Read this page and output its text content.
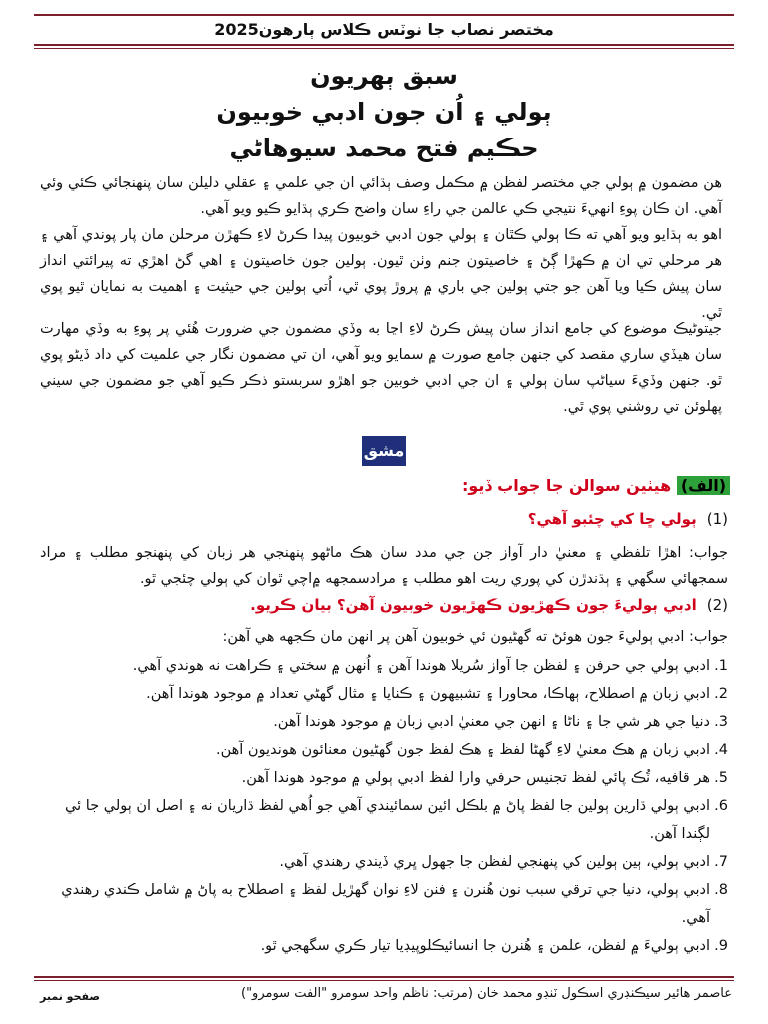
مختصر نصاب جا نوٽس ڪلاس ٻارهون2025
سبق ٻهريون
ٻولي ۽ اُن جون ادبي خوبيون
حڪيم فتح محمد سيوهاڻي
هن مضمون ۾ ٻولي جي مختصر لفظن ۾ مڪمل وصف ٻڌائي ان جي علمي ۽ عقلي دليلن سان پنهنجائي ڪئي وئي آهي. ان ڪان پوءِ انهيءَ نتيجي ڪي عالمن جي راءِ سان واضح ڪري ٻڌايو ڪيو ويو آهي.
اهو به ٻڌايو ويو آهي ته ڪا ٻولي ڪٿان ۽ ٻولي جون ادبي خوبيون پيدا ڪرڻ لاءِ ڪهڙن مرحلن مان پار پوندي آهي ۽ هر مرحلي تي ان ۾ ڪهڙا ڳڻ ۽ خاصيتون جنم وٺن ٿيون. ٻولين جون خاصيتون ۽ اهي گڻ اهڙي ته پيرائتي انداز سان پيش ڪيا ويا آهن جو جتي ٻولين جي باري ۾ پروڙ پوي ٿي، اُتي ٻولين جي حيثيت ۽ اهميت به نمايان ٿيو پوي ٿي.
جيتوڻيڪ موضوع کي جامع انداز سان پيش ڪرڻ لاءِ اڃا به وڏي مضمون جي ضرورت هُئي پر پوءِ به وڏي مهارت سان هيڏي ساري مقصد کي جنهن جامع صورت ۾ سمايو ويو آهي، ان تي مضمون نگار جي علميت کي داد ڏيڻو پوي ٿو. جنهن وڏيءَ سياڻپ سان ٻولي ۽ ان جي ادبي خوبين جو اهڙو سربستو ذڪر ڪيو آهي جو مضمون جي سيني پهلوئن تي روشني پوي ٿي.
مشق
(الف) هيٺين سوالن جا جواب ڏيو:
(1)ٻولي ڇا کي چئبو آهي؟
جواب: اهڙا تلفظي ۽ معنيٰ دار آواز جن جي مدد سان هڪ ماڻهو پنهنجي هر زبان کي پنهنجو مطلب ۽ مراد سمجهائي سگهي ۽ ٻڌندڙن کي پوري ريت اهو مطلب ۽ مرادسمجهه ۾اچي ٿوان کي ٻولي چئجي ٿو.
(2)ادبي ٻوليءَ جون ڪهڙيون ڪهڙيون خوبيون آهن؟ بيان ڪريو.
جواب: ادبي ٻوليءَ جون هوئڻ ته گهڻيون ئي خوبيون آهن پر انهن مان ڪجهه هي آهن:
1.
ادبي ٻولي جي حرفن ۽ لفظن جا آواز سُريلا هوندا آهن ۽ اُنهن ۾ سختي ۽ ڪراهت نه هوندي آهي.
2.
ادبي زبان ۾ اصطلاح، ٻهاڪا، محاورا ۽ تشبيهون ۽ ڪنايا ۽ مثال گهڻي تعداد ۾ موجود هوندا آهن.
3.
دنيا جي هر شي جا ۽ ناڻا ۽ انهن جي معنيٰ ادبي زبان ۾ موجود هوندا آهن.
4.
ادبي زبان ۾ هڪ معنيٰ لاءِ گهڻا لفظ ۽ هڪ لفظ جون گهڻيون معنائون هونديون آهن.
5.
هر قافيه، ٽُڪ پائي لفظ تجنيس حرفي وارا لفظ ادبي ٻولي ۾ موجود هوندا آهن.
6.
ادبي ٻولي ڌارين ٻولين جا لفظ پاڻ ۾ بلڪل ائين سمائيندي آهي جو اُهي لفظ ڌاريان نه ۽ اصل ان ٻولي جا ئي لڳندا آهن.
7.
ادبي ٻولي، ٻين ٻولين کي پنهنجي لفظن جا جهول ڀري ڏيندي رهندي آهي.
8.
ادبي ٻولي، دنيا جي ترقي سبب نون هُنرن ۽ فنن لاءِ نوان گهڙيل لفظ ۽ اصطلاح به پاڻ ۾ شامل ڪندي رهندي آهي.
9.
ادبي ٻوليءَ ۾ لفظن، علمن ۽ هُنرن جا انسائيڪلوپيڊيا تيار ڪري سگهجي ٿو.
عاصمر هائير سيڪنڊري اسڪول ٽنڊو محمد خان (مرتب: ناظم واحد سومرو "الفت سومرو")
صفحو نمبر
